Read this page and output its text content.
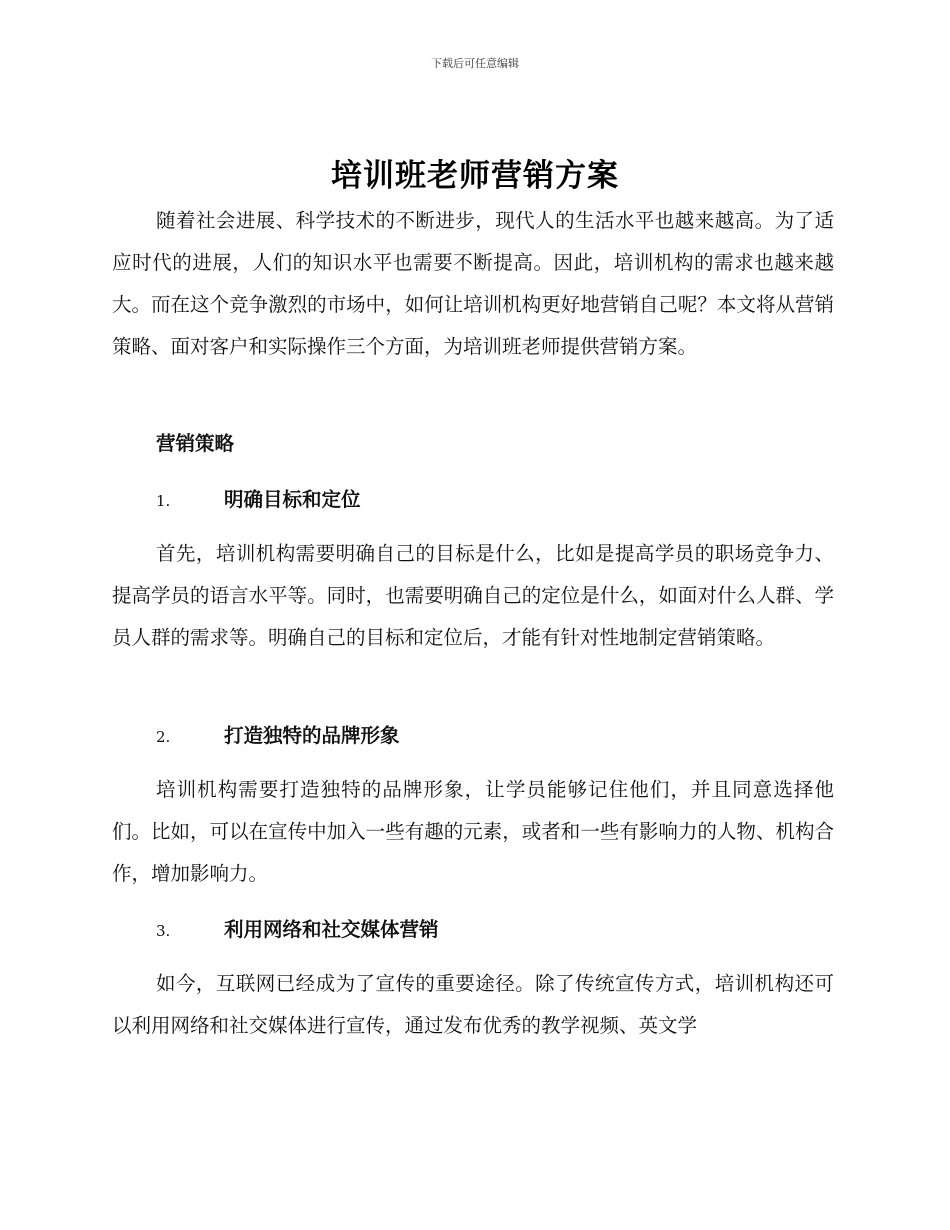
下载后可任意编辑
培训班老师营销方案

随着社会进展、科学技术的不断进步，现代人的生活水平也越来越高。为了适应时代的进展，人们的知识水平也需要不断提高。因此，培训机构的需求也越来越大。而在这个竞争激烈的市场中，如何让培训机构更好地营销自己呢？本文将从营销策略、面对客户和实际操作三个方面，为培训班老师提供营销方案。

营销策略

1.	明确目标和定位

首先，培训机构需要明确自己的目标是什么，比如是提高学员的职场竞争力、提高学员的语言水平等。同时，也需要明确自己的定位是什么，如面对什么人群、学员人群的需求等。明确自己的目标和定位后，才能有针对性地制定营销策略。

2.	打造独特的品牌形象

培训机构需要打造独特的品牌形象，让学员能够记住他们，并且同意选择他们。比如，可以在宣传中加入一些有趣的元素，或者和一些有影响力的人物、机构合作，增加影响力。

3.	利用网络和社交媒体营销

如今，互联网已经成为了宣传的重要途径。除了传统宣传方式，培训机构还可以利用网络和社交媒体进行宣传，通过发布优秀的教学视频、英文学
